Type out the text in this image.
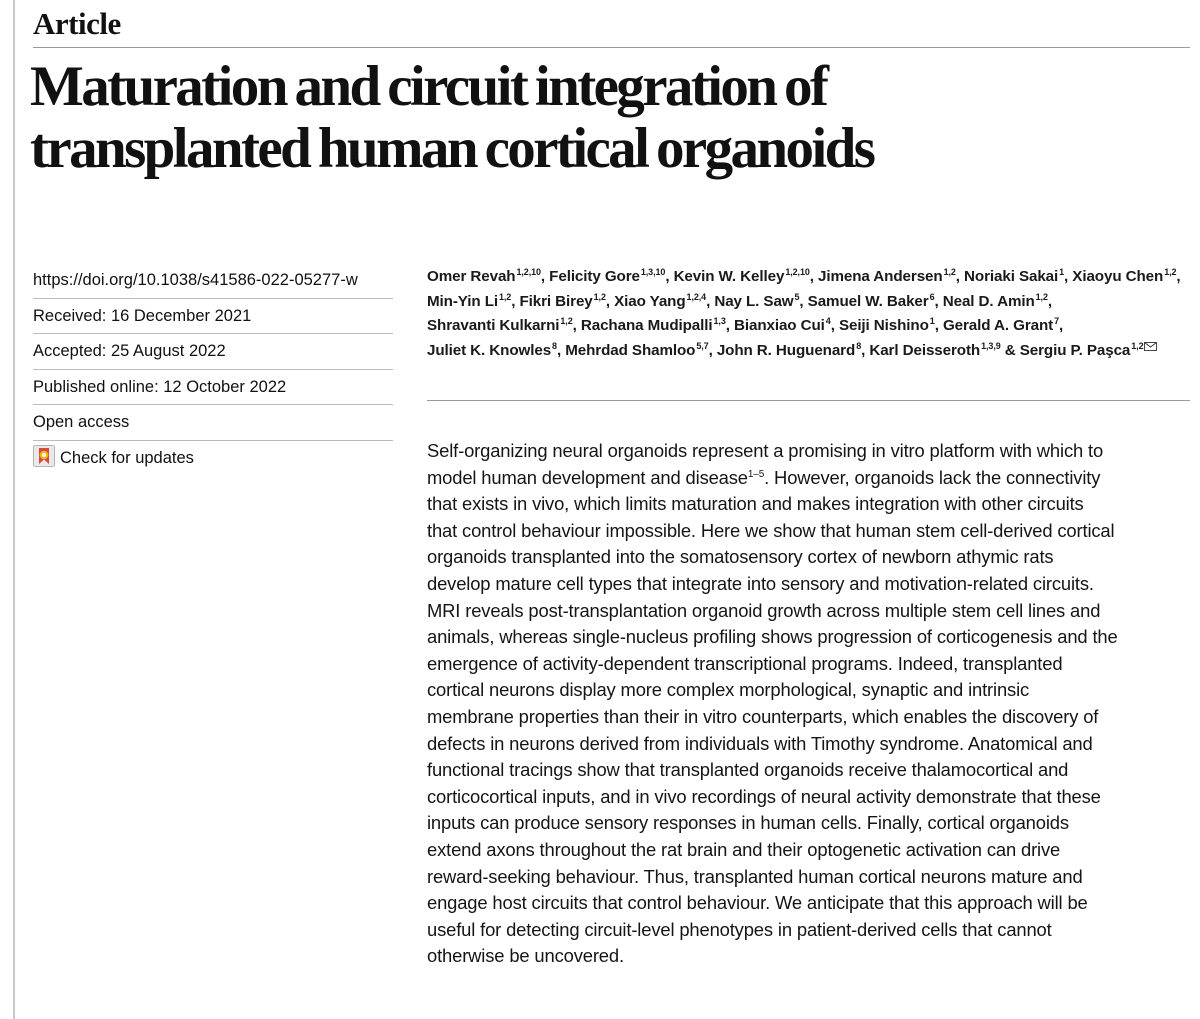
Article
Maturation and circuit integration of
transplanted human cortical organoids
https://doi.org/10.1038/s41586-022-05277-w
Received: 16 December 2021
Accepted: 25 August 2022
Published online: 12 October 2022
Open access
Check for updates
Omer Revah$^{1,2,10}$, Felicity Gore$^{1,3,10}$, Kevin W. Kelley$^{1,2,10}$, Jimena Andersen$^{1,2}$, Noriaki Sakai$^1$, Xiaoyu Chen$^{1,2}$, Min-Yin Li$^{1,2}$, Fikri Birey$^{1,2}$, Xiao Yang$^{1,2,4}$, Nay L. Saw$^5$, Samuel W. Baker$^6$, Neal D. Amin$^{1,2}$, Shravanti Kulkarni$^{1,2}$, Rachana Mudipalli$^{1,3}$, Bianxiao Cui$^4$, Seiji Nishino$^1$, Gerald A. Grant$^7$, Juliet K. Knowles$^8$, Mehrdad Shamloo$^{5,7}$, John R. Huguenard$^8$, Karl Deisseroth$^{1,3,9}$ & Sergiu P. Paşca$^{1,2}$
Self-organizing neural organoids represent a promising in vitro platform with which to
model human development and disease$^{1-5}$. However, organoids lack the connectivity
that exists in vivo, which limits maturation and makes integration with other circuits
that control behaviour impossible. Here we show that human stem cell-derived cortical
organoids transplanted into the somatosensory cortex of newborn athymic rats
develop mature cell types that integrate into sensory and motivation-related circuits.
MRI reveals post-transplantation organoid growth across multiple stem cell lines and
animals, whereas single-nucleus profiling shows progression of corticogenesis and the
emergence of activity-dependent transcriptional programs. Indeed, transplanted
cortical neurons display more complex morphological, synaptic and intrinsic
membrane properties than their in vitro counterparts, which enables the discovery of
defects in neurons derived from individuals with Timothy syndrome. Anatomical and
functional tracings show that transplanted organoids receive thalamocortical and
corticocortical inputs, and in vivo recordings of neural activity demonstrate that these
inputs can produce sensory responses in human cells. Finally, cortical organoids
extend axons throughout the rat brain and their optogenetic activation can drive
reward-seeking behaviour. Thus, transplanted human cortical neurons mature and
engage host circuits that control behaviour. We anticipate that this approach will be
useful for detecting circuit-level phenotypes in patient-derived cells that cannot
otherwise be uncovered.
